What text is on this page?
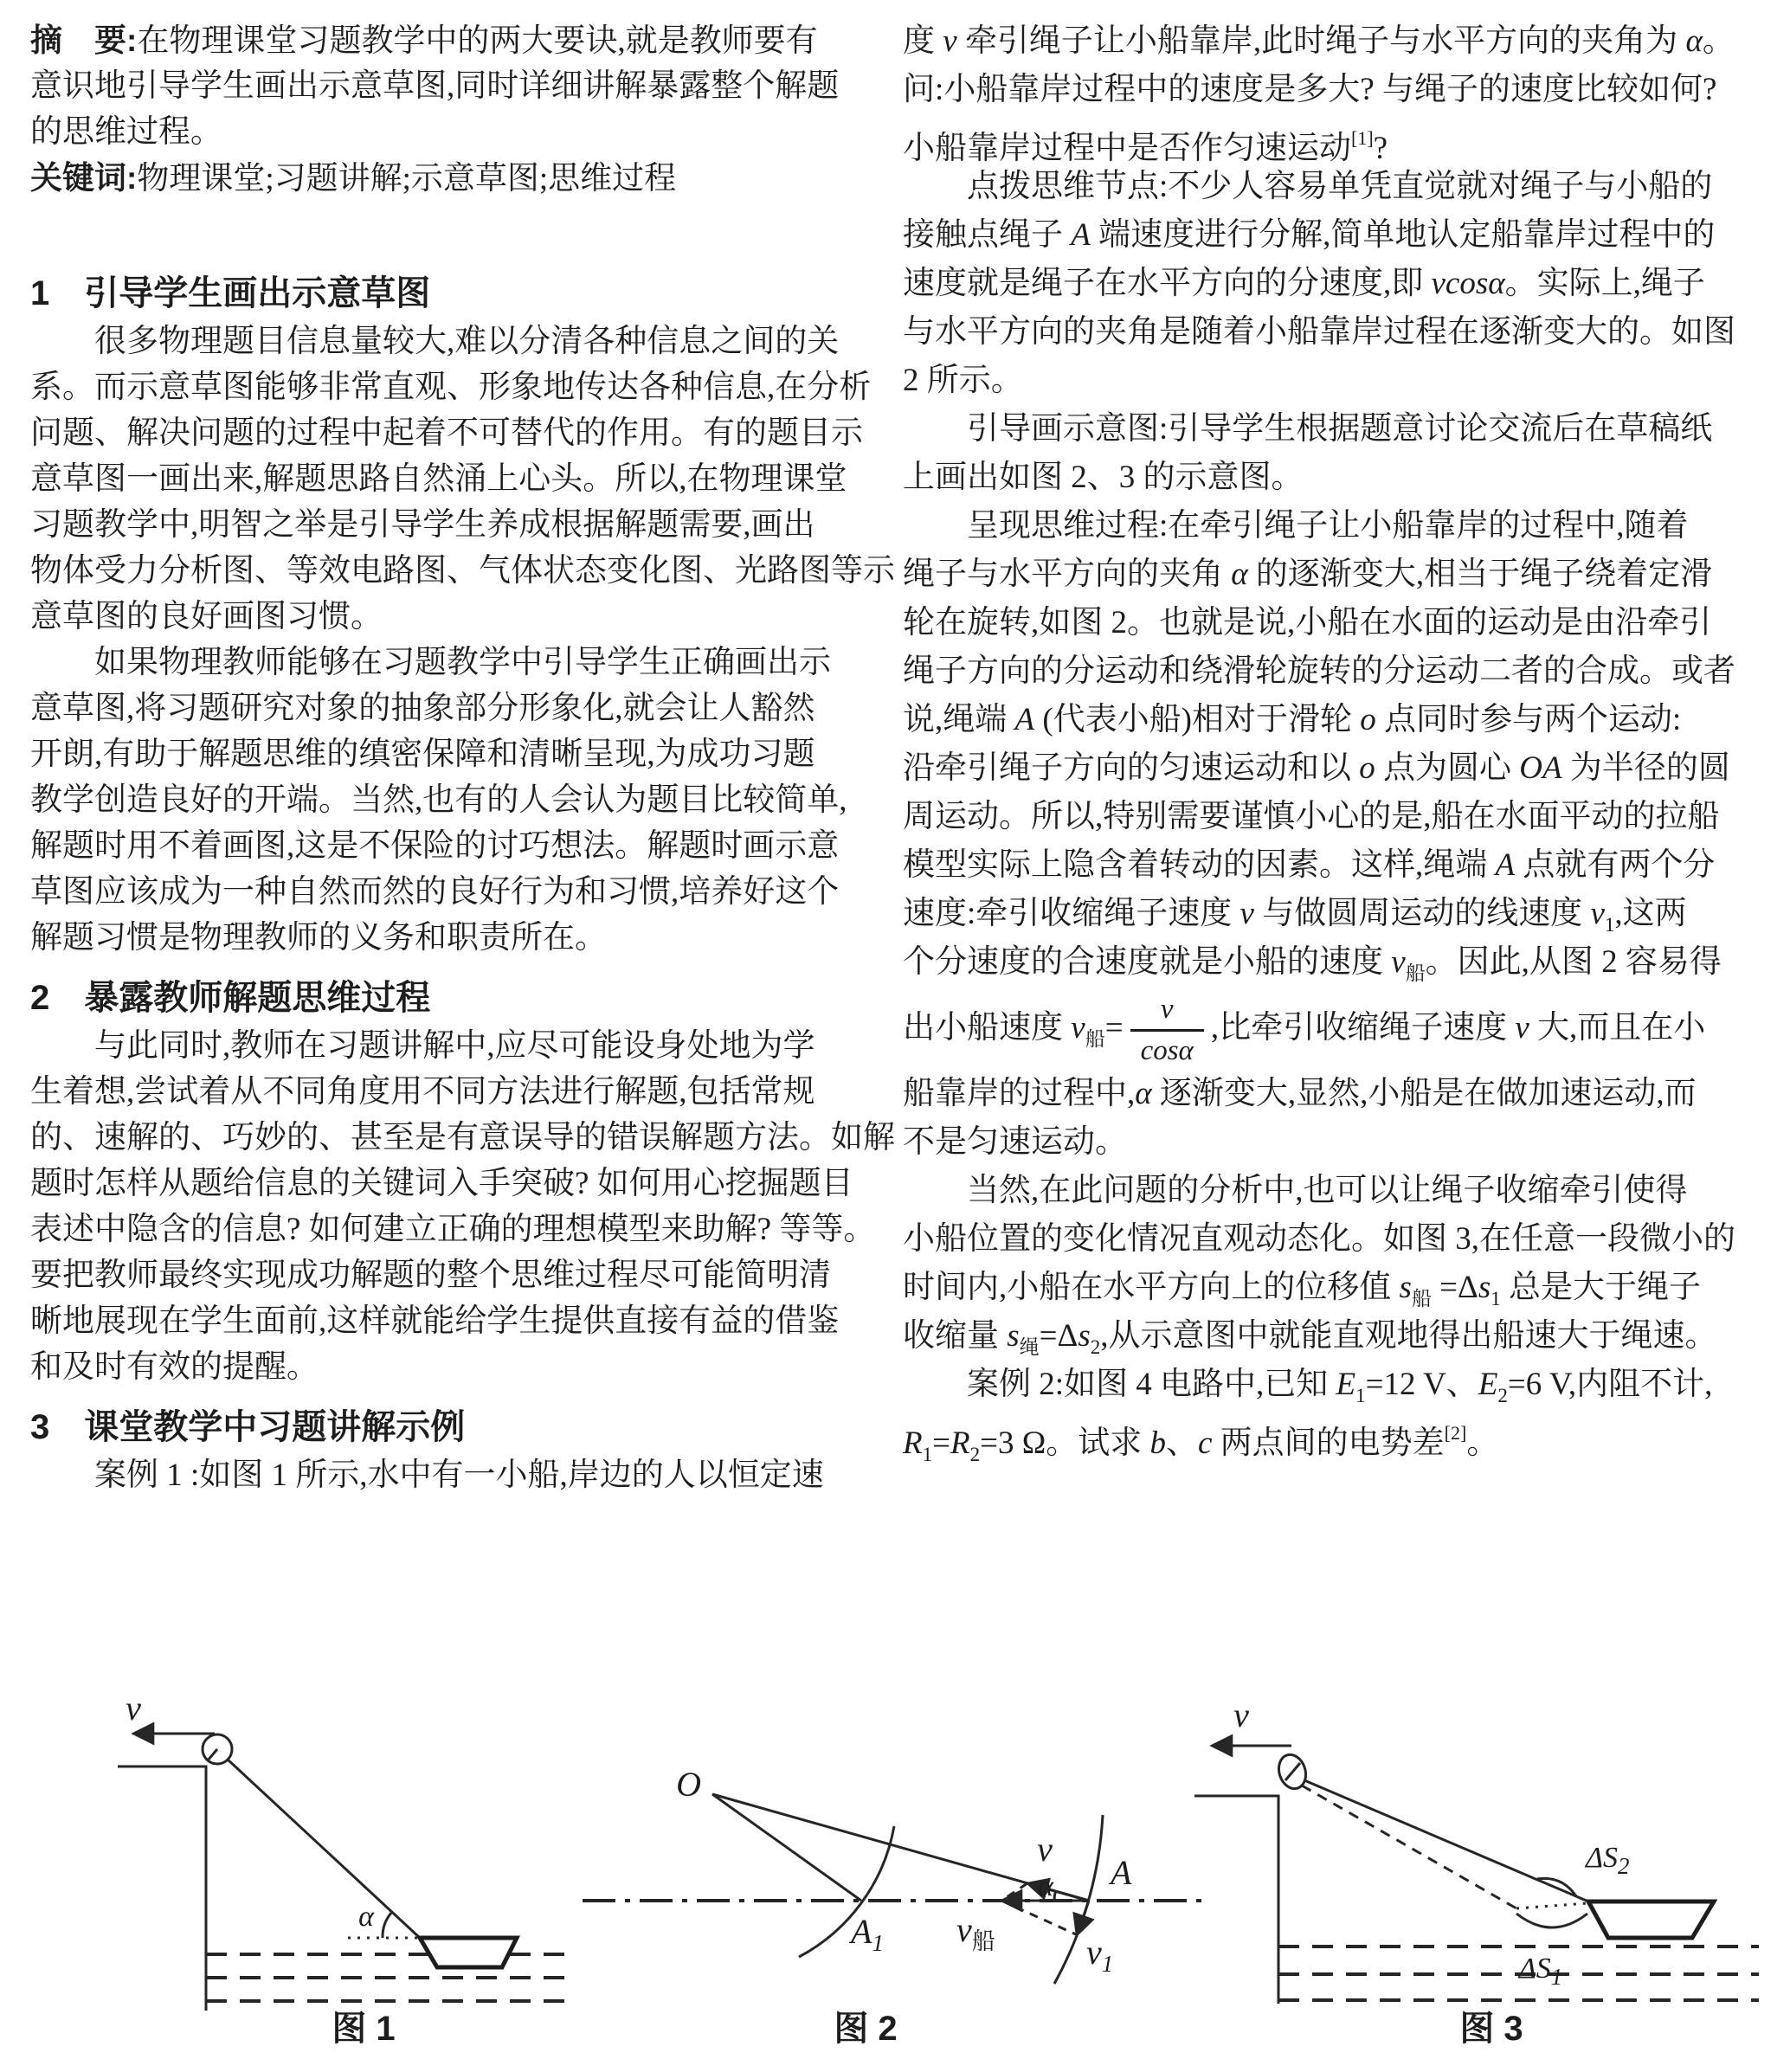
摘　要:在物理课堂习题教学中的两大要诀,就是教师要有
意识地引导学生画出示意草图,同时详细讲解暴露整个解题
的思维过程。
关键词:物理课堂;习题讲解;示意草图;思维过程
1　引导学生画出示意草图
　　很多物理题目信息量较大,难以分清各种信息之间的关
系。而示意草图能够非常直观、形象地传达各种信息,在分析
问题、解决问题的过程中起着不可替代的作用。有的题目示
意草图一画出来,解题思路自然涌上心头。所以,在物理课堂
习题教学中,明智之举是引导学生养成根据解题需要,画出
物体受力分析图、等效电路图、气体状态变化图、光路图等示
意草图的良好画图习惯。
　　如果物理教师能够在习题教学中引导学生正确画出示
意草图,将习题研究对象的抽象部分形象化,就会让人豁然
开朗,有助于解题思维的缜密保障和清晰呈现,为成功习题
教学创造良好的开端。当然,也有的人会认为题目比较简单,
解题时用不着画图,这是不保险的讨巧想法。解题时画示意
草图应该成为一种自然而然的良好行为和习惯,培养好这个
解题习惯是物理教师的义务和职责所在。
2　暴露教师解题思维过程
　　与此同时,教师在习题讲解中,应尽可能设身处地为学
生着想,尝试着从不同角度用不同方法进行解题,包括常规
的、速解的、巧妙的、甚至是有意误导的错误解题方法。如解
题时怎样从题给信息的关键词入手突破? 如何用心挖掘题目
表述中隐含的信息? 如何建立正确的理想模型来助解? 等等。
要把教师最终实现成功解题的整个思维过程尽可能简明清
晰地展现在学生面前,这样就能给学生提供直接有益的借鉴
和及时有效的提醒。
3　课堂教学中习题讲解示例
　　案例 1 :如图 1 所示,水中有一小船,岸边的人以恒定速
度 v 牵引绳子让小船靠岸,此时绳子与水平方向的夹角为 α。
问:小船靠岸过程中的速度是多大? 与绳子的速度比较如何?
小船靠岸过程中是否作匀速运动[1]?
　　点拨思维节点:不少人容易单凭直觉就对绳子与小船的
接触点绳子 A 端速度进行分解,简单地认定船靠岸过程中的
速度就是绳子在水平方向的分速度,即 vcosα。实际上,绳子
与水平方向的夹角是随着小船靠岸过程在逐渐变大的。如图
2 所示。
　　引导画示意图:引导学生根据题意讨论交流后在草稿纸
上画出如图 2、3 的示意图。
　　呈现思维过程:在牵引绳子让小船靠岸的过程中,随着
绳子与水平方向的夹角 α 的逐渐变大,相当于绳子绕着定滑
轮在旋转,如图 2。也就是说,小船在水面的运动是由沿牵引
绳子方向的分运动和绕滑轮旋转的分运动二者的合成。或者
说,绳端 A (代表小船)相对于滑轮 o 点同时参与两个运动:
沿牵引绳子方向的匀速运动和以 o 点为圆心 OA 为半径的圆
周运动。所以,特别需要谨慎小心的是,船在水面平动的拉船
模型实际上隐含着转动的因素。这样,绳端 A 点就有两个分
速度:牵引收缩绳子速度 v 与做圆周运动的线速度 $v_1$,这两
个分速度的合速度就是小船的速度 $v_船$。因此,从图 2 容易得
出小船速度 $v_船= \frac{v}{\cos\alpha}$ ,比牵引收缩绳子速度 v 大,而且在小
船靠岸的过程中,α 逐渐变大,显然,小船是在做加速运动,而
不是匀速运动。
　　当然,在此问题的分析中,也可以让绳子收缩牵引使得
小船位置的变化情况直观动态化。如图 3,在任意一段微小的
时间内,小船在水平方向上的位移值 $s_船 =\Delta s_1$ 总是大于绳子
收缩量 $s_绳=\Delta s_2$,从示意图中就能直观地得出船速大于绳速。
　　案例 2:如图 4 电路中,已知 $E_1=12$ V、$E_2=6$ V,内阻不计,
$R_1=R_2=3$ Ω。试求 b、c 两点间的电势差[2]。
v
α
O
A
$A_1$
v
α
$v_船$	$v_1$
v
$\Delta S_2$
$\Delta S_1$
图 1	图 2	图 3
